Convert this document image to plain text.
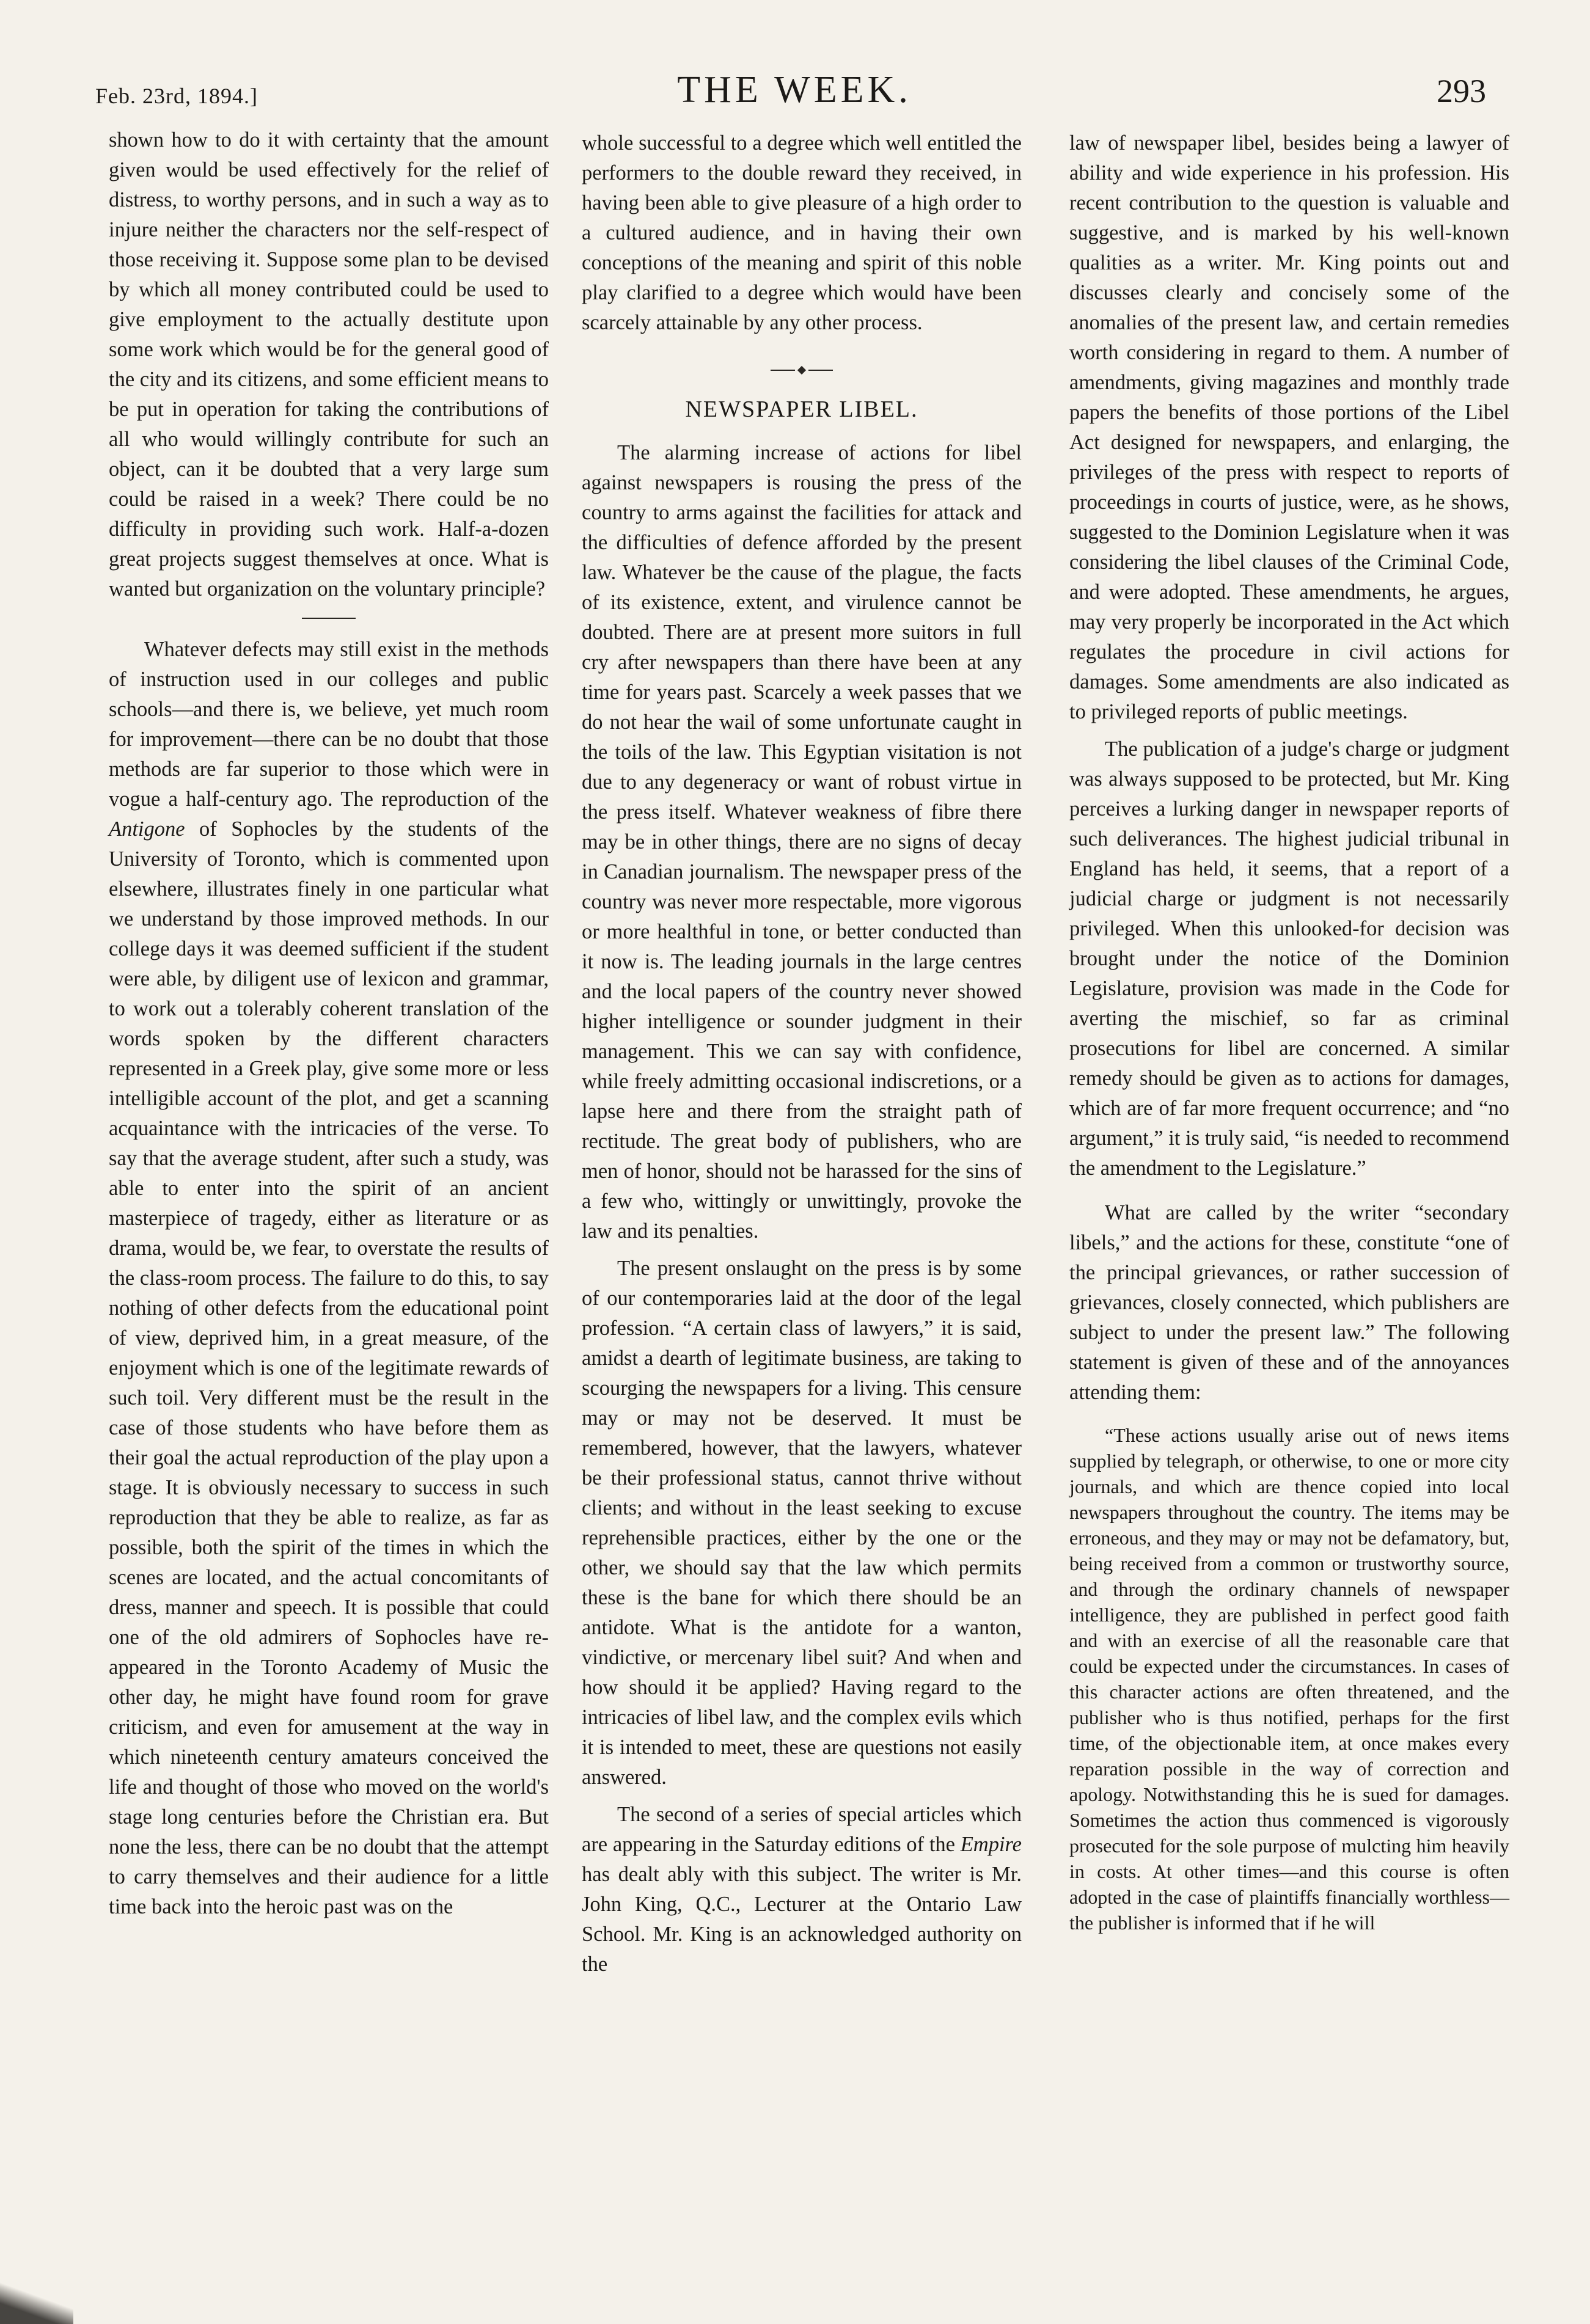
Feb. 23rd, 1894.]	THE WEEK.	293

shown how to do it with certainty that the amount given would be used effectively for the relief of distress, to worthy persons, and in such a way as to injure neither the characters nor the self-respect of those receiving it. Suppose some plan to be devised by which all money contributed could be used to give employment to the actually destitute upon some work which would be for the general good of the city and its citizens, and some efficient means to be put in operation for taking the contributions of all who would willingly contribute for such an object, can it be doubted that a very large sum could be raised in a week? There could be no difficulty in providing such work. Half-a-dozen great projects suggest themselves at once. What is wanted but organization on the voluntary principle?

Whatever defects may still exist in the methods of instruction used in our colleges and public schools—and there is, we believe, yet much room for improvement—there can be no doubt that those methods are far superior to those which were in vogue a half-century ago. The reproduction of the Antigone of Sophocles by the students of the University of Toronto, which is commented upon elsewhere, illustrates finely in one particular what we understand by those improved methods. In our college days it was deemed sufficient if the student were able, by diligent use of lexicon and grammar, to work out a tolerably coherent translation of the words spoken by the different characters represented in a Greek play, give some more or less intelligible account of the plot, and get a scanning acquaintance with the intricacies of the verse. To say that the average student, after such a study, was able to enter into the spirit of an ancient masterpiece of tragedy, either as literature or as drama, would be, we fear, to overstate the results of the class-room process. The failure to do this, to say nothing of other defects from the educational point of view, deprived him, in a great measure, of the enjoyment which is one of the legitimate rewards of such toil. Very different must be the result in the case of those students who have before them as their goal the actual reproduction of the play upon a stage. It is obviously necessary to success in such reproduction that they be able to realize, as far as possible, both the spirit of the times in which the scenes are located, and the actual concomitants of dress, manner and speech. It is possible that could one of the old admirers of Sophocles have re-appeared in the Toronto Academy of Music the other day, he might have found room for grave criticism, and even for amusement at the way in which nineteenth century amateurs conceived the life and thought of those who moved on the world's stage long centuries before the Christian era. But none the less, there can be no doubt that the attempt to carry themselves and their audience for a little time back into the heroic past was on the

whole successful to a degree which well entitled the performers to the double reward they received, in having been able to give pleasure of a high order to a cultured audience, and in having their own conceptions of the meaning and spirit of this noble play clarified to a degree which would have been scarcely attainable by any other process.

NEWSPAPER LIBEL.

The alarming increase of actions for libel against newspapers is rousing the press of the country to arms against the facilities for attack and the difficulties of defence afforded by the present law. Whatever be the cause of the plague, the facts of its existence, extent, and virulence cannot be doubted. There are at present more suitors in full cry after newspapers than there have been at any time for years past. Scarcely a week passes that we do not hear the wail of some unfortunate caught in the toils of the law. This Egyptian visitation is not due to any degeneracy or want of robust virtue in the press itself. Whatever weakness of fibre there may be in other things, there are no signs of decay in Canadian journalism. The newspaper press of the country was never more respectable, more vigorous or more healthful in tone, or better conducted than it now is. The leading journals in the large centres and the local papers of the country never showed higher intelligence or sounder judgment in their management. This we can say with confidence, while freely admitting occasional indiscretions, or a lapse here and there from the straight path of rectitude. The great body of publishers, who are men of honor, should not be harassed for the sins of a few who, wittingly or unwittingly, provoke the law and its penalties.

The present onslaught on the press is by some of our contemporaries laid at the door of the legal profession. “A certain class of lawyers,” it is said, amidst a dearth of legitimate business, are taking to scourging the newspapers for a living. This censure may or may not be deserved. It must be remembered, however, that the lawyers, whatever be their professional status, cannot thrive without clients; and without in the least seeking to excuse reprehensible practices, either by the one or the other, we should say that the law which permits these is the bane for which there should be an antidote. What is the antidote for a wanton, vindictive, or mercenary libel suit? And when and how should it be applied? Having regard to the intricacies of libel law, and the complex evils which it is intended to meet, these are questions not easily answered.

The second of a series of special articles which are appearing in the Saturday editions of the Empire has dealt ably with this subject. The writer is Mr. John King, Q.C., Lecturer at the Ontario Law School. Mr. King is an acknowledged authority on the

law of newspaper libel, besides being a lawyer of ability and wide experience in his profession. His recent contribution to the question is valuable and suggestive, and is marked by his well-known qualities as a writer. Mr. King points out and discusses clearly and concisely some of the anomalies of the present law, and certain remedies worth considering in regard to them. A number of amendments, giving magazines and monthly trade papers the benefits of those portions of the Libel Act designed for newspapers, and enlarging, the privileges of the press with respect to reports of proceedings in courts of justice, were, as he shows, suggested to the Dominion Legislature when it was considering the libel clauses of the Criminal Code, and were adopted. These amendments, he argues, may very properly be incorporated in the Act which regulates the procedure in civil actions for damages. Some amendments are also indicated as to privileged reports of public meetings.

The publication of a judge's charge or judgment was always supposed to be protected, but Mr. King perceives a lurking danger in newspaper reports of such deliverances. The highest judicial tribunal in England has held, it seems, that a report of a judicial charge or judgment is not necessarily privileged. When this unlooked-for decision was brought under the notice of the Dominion Legislature, provision was made in the Code for averting the mischief, so far as criminal prosecutions for libel are concerned. A similar remedy should be given as to actions for damages, which are of far more frequent occurrence; and “no argument,” it is truly said, “is needed to recommend the amendment to the Legislature.”

What are called by the writer “secondary libels,” and the actions for these, constitute “one of the principal grievances, or rather succession of grievances, closely connected, which publishers are subject to under the present law.” The following statement is given of these and of the annoyances attending them:

“These actions usually arise out of news items supplied by telegraph, or otherwise, to one or more city journals, and which are thence copied into local newspapers throughout the country. The items may be erroneous, and they may or may not be defamatory, but, being received from a common or trustworthy source, and through the ordinary channels of newspaper intelligence, they are published in perfect good faith and with an exercise of all the reasonable care that could be expected under the circumstances. In cases of this character actions are often threatened, and the publisher who is thus notified, perhaps for the first time, of the objectionable item, at once makes every reparation possible in the way of correction and apology. Notwithstanding this he is sued for damages. Sometimes the action thus commenced is vigorously prosecuted for the sole purpose of mulcting him heavily in costs. At other times—and this course is often adopted in the case of plaintiffs financially worthless—the publisher is informed that if he will
